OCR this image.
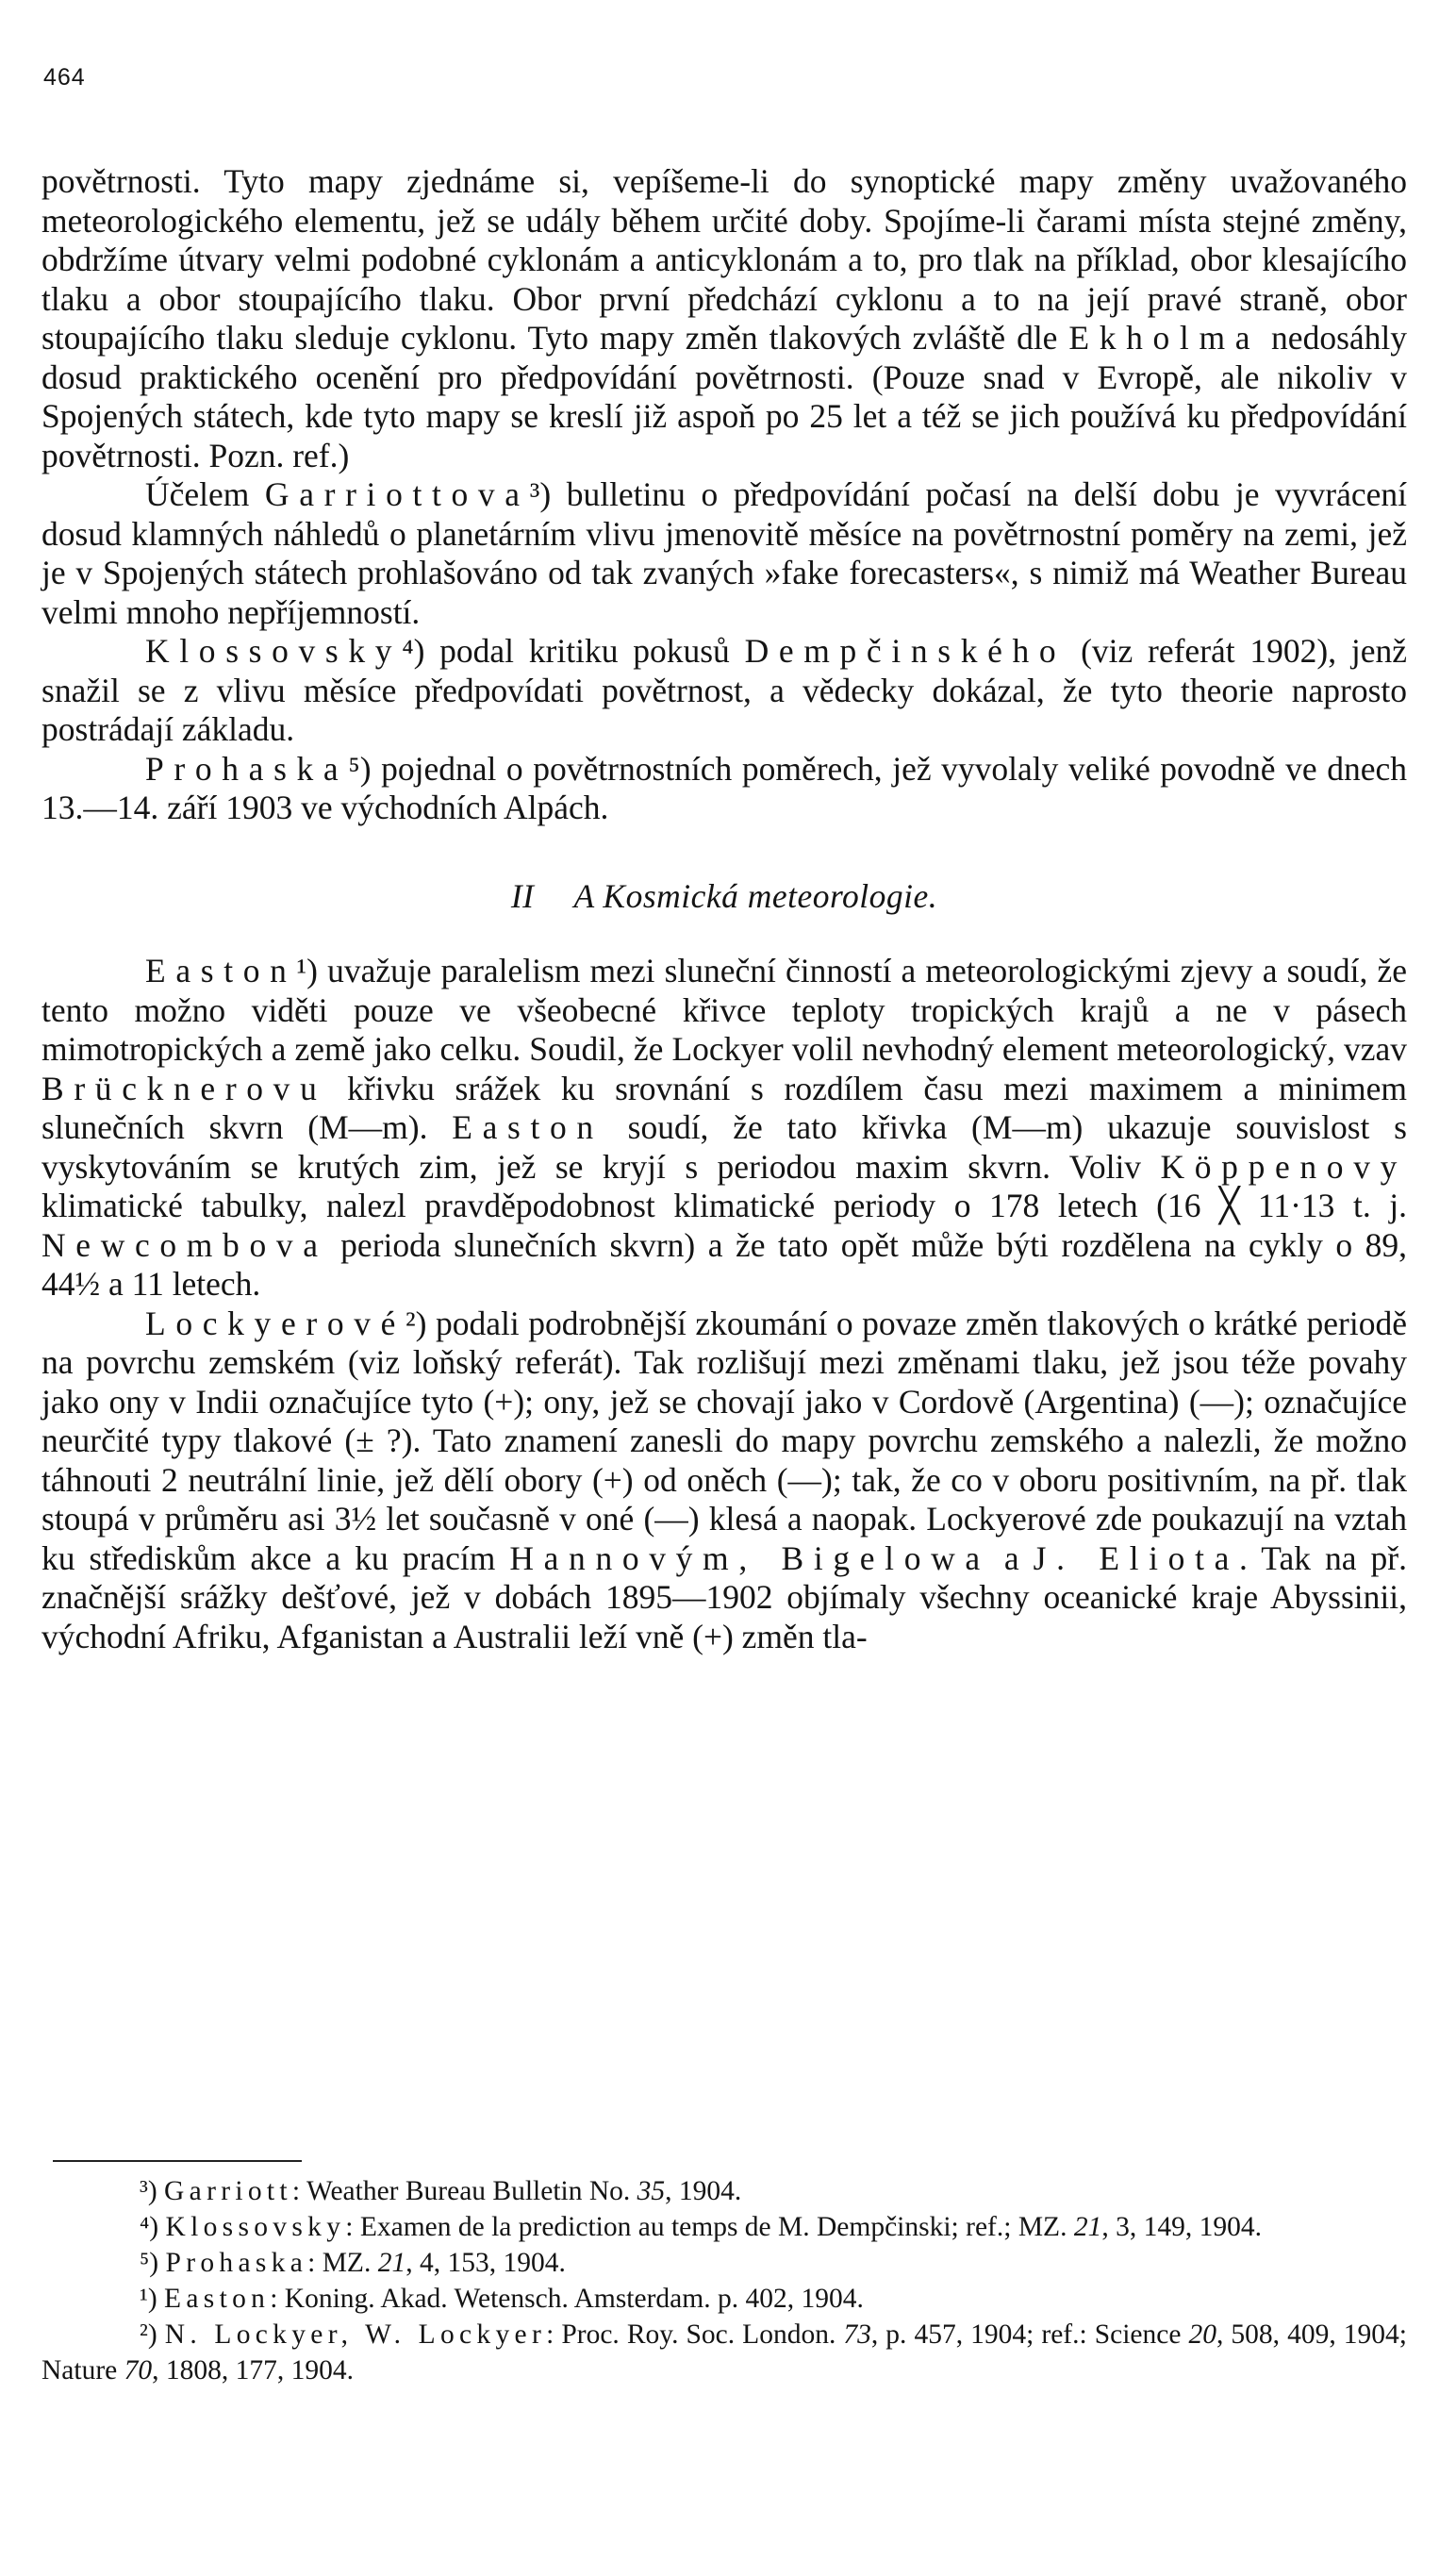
464

povětrnosti. Tyto mapy zjednáme si, vepíšeme-li do synoptické mapy změny uvažovaného meteorologického elementu, jež se udály během určité doby. Spojíme-li čarami místa stejné změny, obdržíme útvary velmi podobné cyklonám a anticyklonám a to, pro tlak na příklad, obor klesajícího tlaku a obor stoupajícího tlaku. Obor první předchází cyklonu a to na její pravé straně, obor stoupajícího tlaku sleduje cyklonu. Tyto mapy změn tlakových zvláště dle Ekholma nedosáhly dosud praktického ocenění pro předpovídání povětrnosti. (Pouze snad v Evropě, ale nikoliv v Spojených státech, kde tyto mapy se kreslí již aspoň po 25 let a též se jich používá ku předpovídání povětrnosti. Pozn. ref.)

Účelem Garriottova³) bulletinu o předpovídání počasí na delší dobu je vyvrácení dosud klamných náhledů o planetárním vlivu jmenovitě měsíce na povětrnostní poměry na zemi, jež je v Spojených státech prohlašováno od tak zvaných »fake forecasters«, s nimiž má Weather Bureau velmi mnoho nepříjemností.

Klossovsky⁴) podal kritiku pokusů Dempčinského (viz referát 1902), jenž snažil se z vlivu měsíce předpovídati povětrnost, a vědecky dokázal, že tyto theorie naprosto postrádají základu.

Prohaska⁵) pojednal o povětrnostních poměrech, jež vyvolaly veliké povodně ve dnech 13.—14. září 1903 ve východních Alpách.

II A Kosmická meteorologie.

Easton¹) uvažuje paralelism mezi sluneční činností a meteorologickými zjevy a soudí, že tento možno viděti pouze ve všeobecné křivce teploty tropických krajů a ne v pásech mimotropických a země jako celku. Soudil, že Lockyer volil nevhodný element meteorologický, vzav Brücknerovu křivku srážek ku srovnání s rozdílem času mezi maximem a minimem slunečních skvrn (M—m). Easton soudí, že tato křivka (M—m) ukazuje souvislost s vyskytováním se krutých zim, jež se kryjí s periodou maxim skvrn. Voliv Köppenovy klimatické tabulky, nalezl pravděpodobnost klimatické periody o 178 letech (16 ╳ 11·13 t. j. Newcombova perioda slunečních skvrn) a že tato opět může býti rozdělena na cykly o 89, 44½ a 11 letech.

Lockyerové²) podali podrobnější zkoumání o povaze změn tlakových o krátké periodě na povrchu zemském (viz loňský referát). Tak rozlišují mezi změnami tlaku, jež jsou téže povahy jako ony v Indii označujíce tyto (+); ony, jež se chovají jako v Cordově (Argentina) (—); označujíce neurčité typy tlakové (± ?). Tato znamení zanesli do mapy povrchu zemského a nalezli, že možno táhnouti 2 neutrální linie, jež dělí obory (+) od oněch (—); tak, že co v oboru positivním, na př. tlak stoupá v průměru asi 3½ let současně v oné (—) klesá a naopak. Lockyerové zde poukazují na vztah ku střediskům akce a ku pracím Hannovým, Bigelowa a J. Eliota. Tak na př. značnější srážky dešťové, jež v dobách 1895—1902 objímaly všechny oceanické kraje Abyssinii, východní Afriku, Afganistan a Australii leží vně (+) změn tla-

³) Garriott: Weather Bureau Bulletin No. 35, 1904.

⁴) Klossovsky: Examen de la prediction au temps de M. Dempčinski; ref.; MZ. 21, 3, 149, 1904.

⁵) Prohaska: MZ. 21, 4, 153, 1904.

¹) Easton: Koning. Akad. Wetensch. Amsterdam. p. 402, 1904.

²) N. Lockyer, W. Lockyer: Proc. Roy. Soc. London. 73, p. 457, 1904; ref.: Science 20, 508, 409, 1904; Nature 70, 1808, 177, 1904.
